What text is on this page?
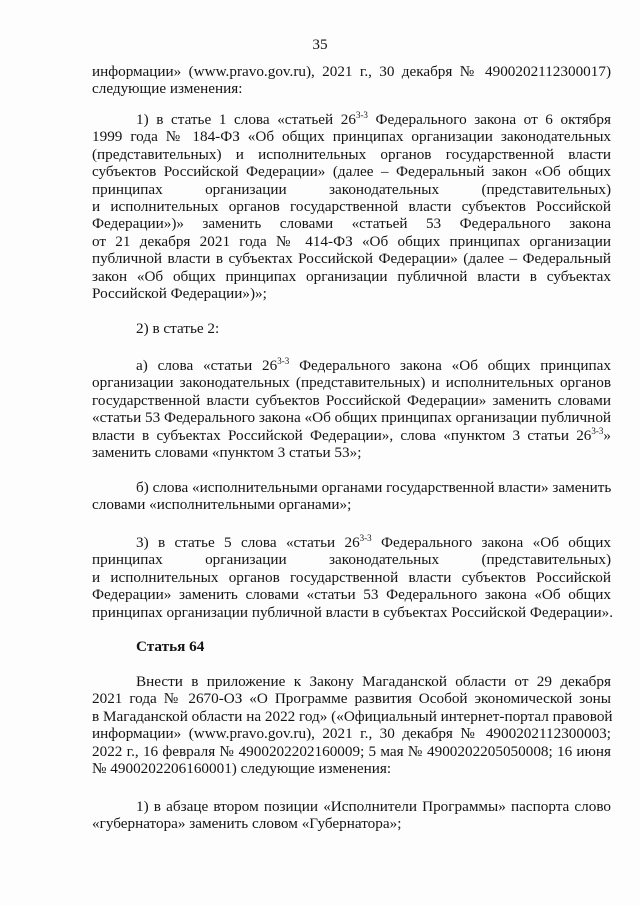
35
информации» (www.pravo.gov.ru), 2021 г., 30 декабря № 4900202112300017)
следующие изменения:
1) в статье 1 слова «статьей 26$^{3-3}$ Федерального закона от 6 октября
1999 года № 184-ФЗ «Об общих принципах организации законодательных
(представительных) и исполнительных органов государственной власти
субъектов Российской Федерации» (далее – Федеральный закон «Об общих
принципах организации законодательных (представительных)
и исполнительных органов государственной власти субъектов Российской
Федерации»)» заменить словами «статьей 53 Федерального закона
от 21 декабря 2021 года № 414-ФЗ «Об общих принципах организации
публичной власти в субъектах Российской Федерации» (далее – Федеральный
закон «Об общих принципах организации публичной власти в субъектах
Российской Федерации»)»;
2) в статье 2:
а) слова «статьи 26$^{3-3}$ Федерального закона «Об общих принципах
организации законодательных (представительных) и исполнительных органов
государственной власти субъектов Российской Федерации» заменить словами
«статьи 53 Федерального закона «Об общих принципах организации публичной
власти в субъектах Российской Федерации», слова «пунктом 3 статьи 26$^{3-3}$»
заменить словами «пунктом 3 статьи 53»;
б) слова «исполнительными органами государственной власти» заменить
словами «исполнительными органами»;
3) в статье 5 слова «статьи 26$^{3-3}$ Федерального закона «Об общих
принципах организации законодательных (представительных)
и исполнительных органов государственной власти субъектов Российской
Федерации» заменить словами «статьи 53 Федерального закона «Об общих
принципах организации публичной власти в субъектах Российской Федерации».
Статья 64
Внести в приложение к Закону Магаданской области от 29 декабря
2021 года № 2670-ОЗ «О Программе развития Особой экономической зоны
в Магаданской области на 2022 год» («Официальный интернет-портал правовой
информации» (www.pravo.gov.ru), 2021 г., 30 декабря № 4900202112300003;
2022 г., 16 февраля № 4900202202160009; 5 мая № 4900202205050008; 16 июня
№ 4900202206160001) следующие изменения:
1) в абзаце втором позиции «Исполнители Программы» паспорта слово
«губернатора» заменить словом «Губернатора»;
